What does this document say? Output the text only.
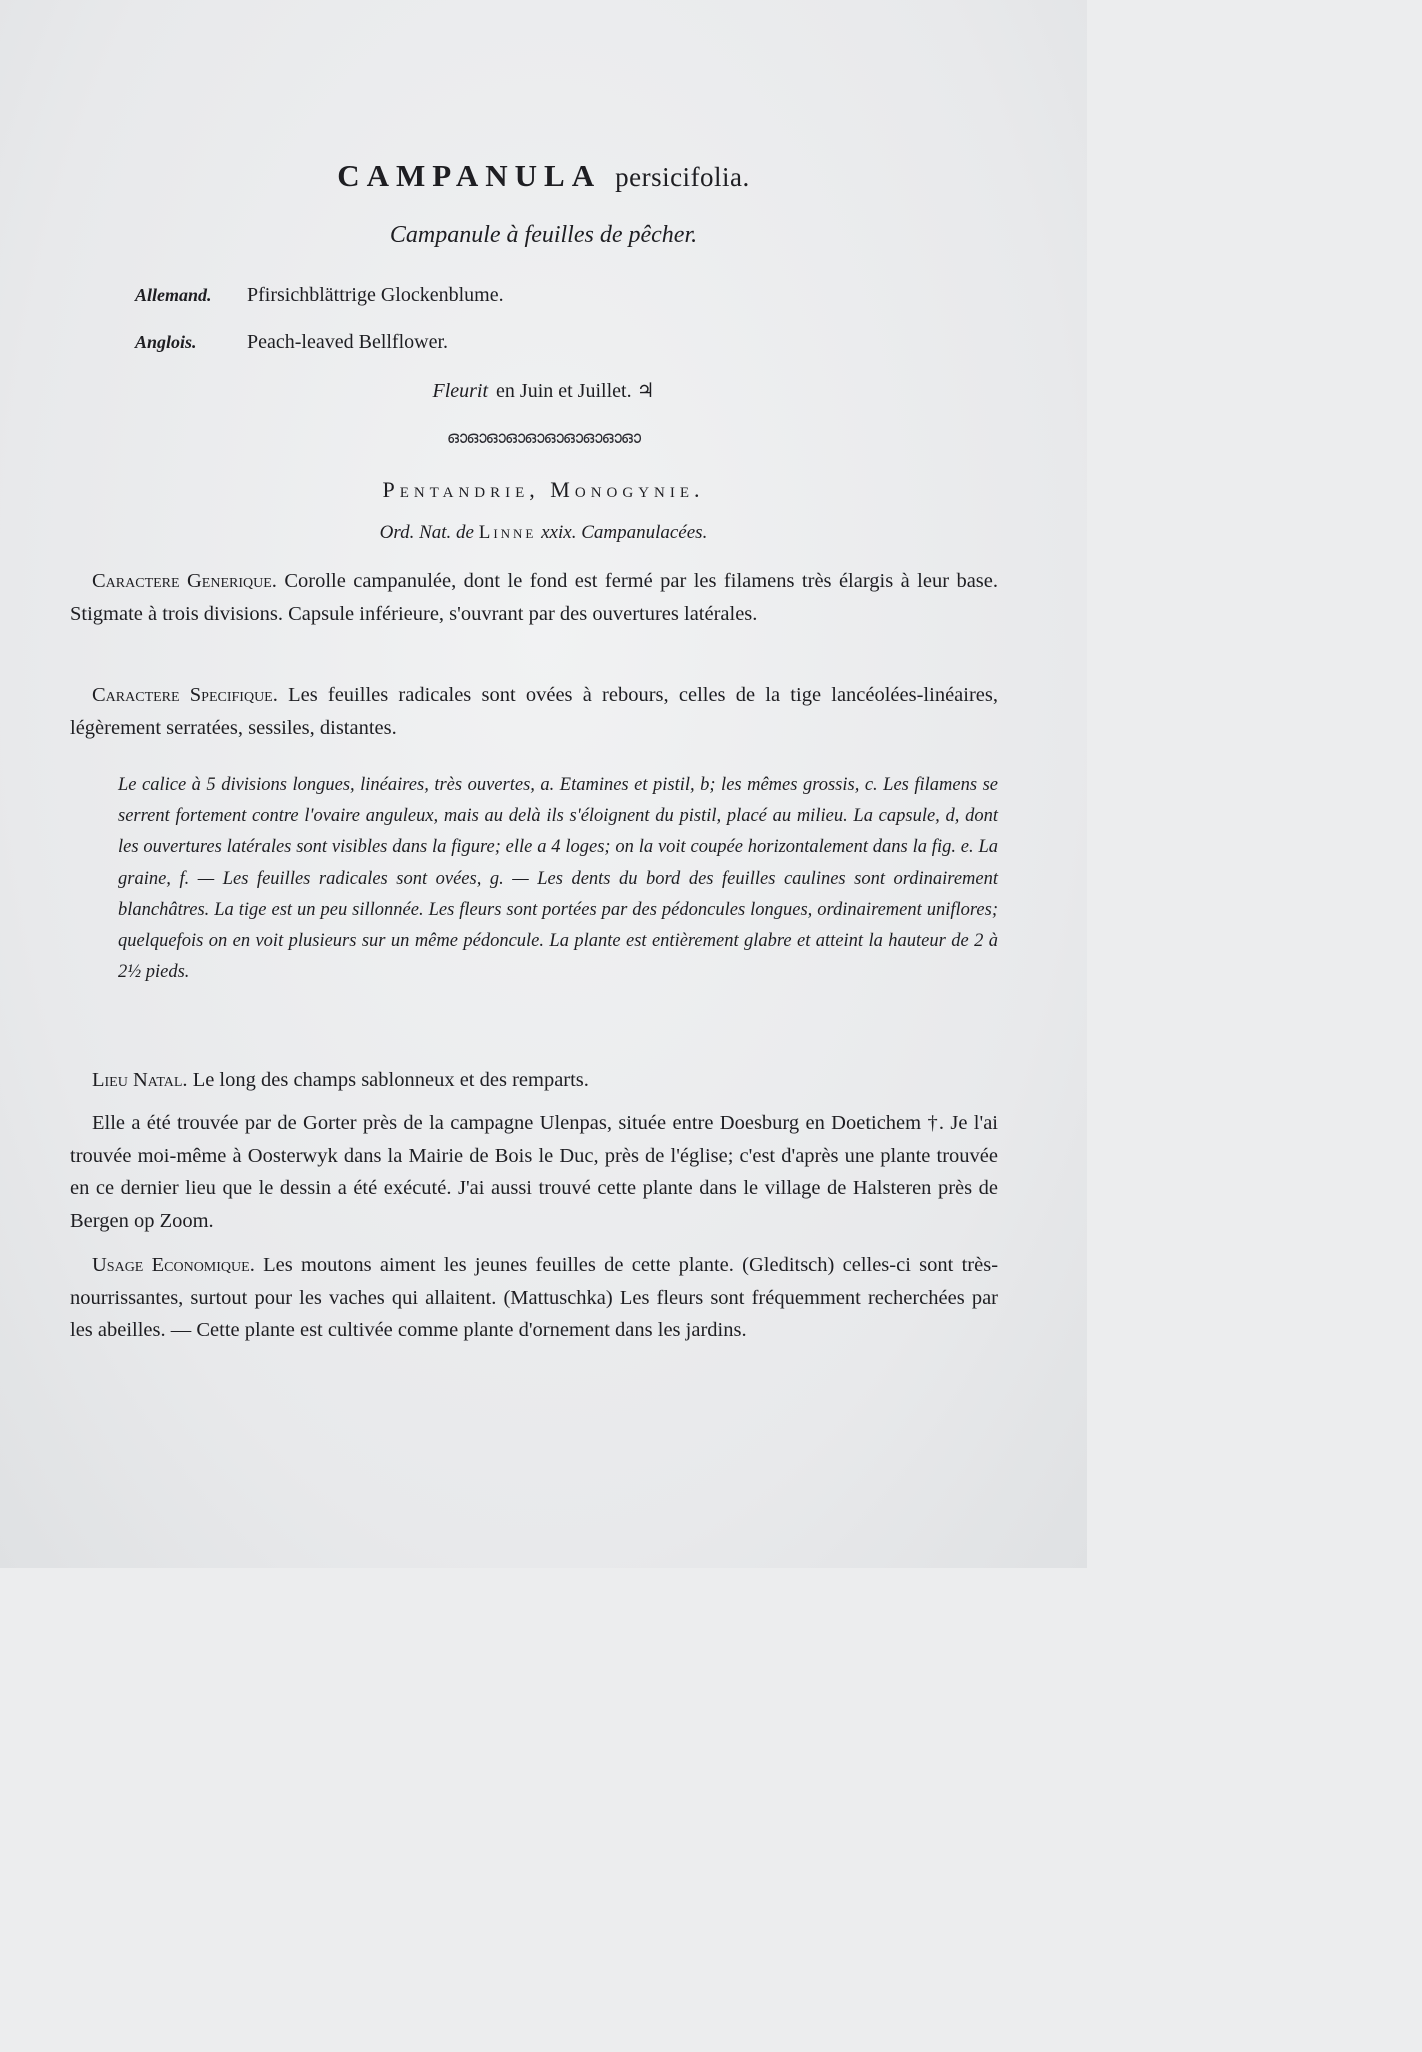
CAMPANULA persicifolia.
Campanule à feuilles de pêcher.
Allemand. Pfirsichblättrige Glockenblume.
Anglois.	Peach-leaved Bellflower.
Fleurit en Juin et Juillet. ♃
ഓഓഓഓഓഓഓഓഓഓ
Pentandrie, Monogynie.
Ord. Nat. de Linne xxix. Campanulacées.

Caractere Generique. Corolle campanulée, dont le fond est fermé par les filamens très élargis à leur base. Stigmate à trois divisions. Capsule inférieure, s'ouvrant par des ouvertures latérales.

Caractere Specifique. Les feuilles radicales sont ovées à rebours, celles de la tige lancéolées-linéaires, légèrement serratées, sessiles, distantes.

Le calice à 5 divisions longues, linéaires, très ouvertes, a. Etamines et pistil, b; les mêmes grossis, c. Les filamens se serrent fortement contre l'ovaire anguleux, mais au delà ils s'éloignent du pistil, placé au milieu. La capsule, d, dont les ouvertures latérales sont visibles dans la figure; elle a 4 loges; on la voit coupée horizontalement dans la fig. e. La graine, f. — Les feuilles radicales sont ovées, g. — Les dents du bord des feuilles caulines sont ordinairement blanchâtres. La tige est un peu sillonnée. Les fleurs sont portées par des pédoncules longues, ordinairement uniflores; quelquefois on en voit plusieurs sur un même pédoncule. La plante est entièrement glabre et atteint la hauteur de 2 à 2½ pieds.

Lieu Natal. Le long des champs sablonneux et des remparts.

Elle a été trouvée par de Gorter près de la campagne Ulenpas, située entre Doesburg en Doetichem †. Je l'ai trouvée moi-même à Oosterwyk dans la Mairie de Bois le Duc, près de l'église; c'est d'après une plante trouvée en ce dernier lieu que le dessin a été exécuté. J'ai aussi trouvé cette plante dans le village de Halsteren près de Bergen op Zoom.

Usage Economique. Les moutons aiment les jeunes feuilles de cette plante. (Gleditsch) celles-ci sont très-nourrissantes, surtout pour les vaches qui allaitent. (Mattuschka) Les fleurs sont fréquemment recherchées par les abeilles. — Cette plante est cultivée comme plante d'ornement dans les jardins.
